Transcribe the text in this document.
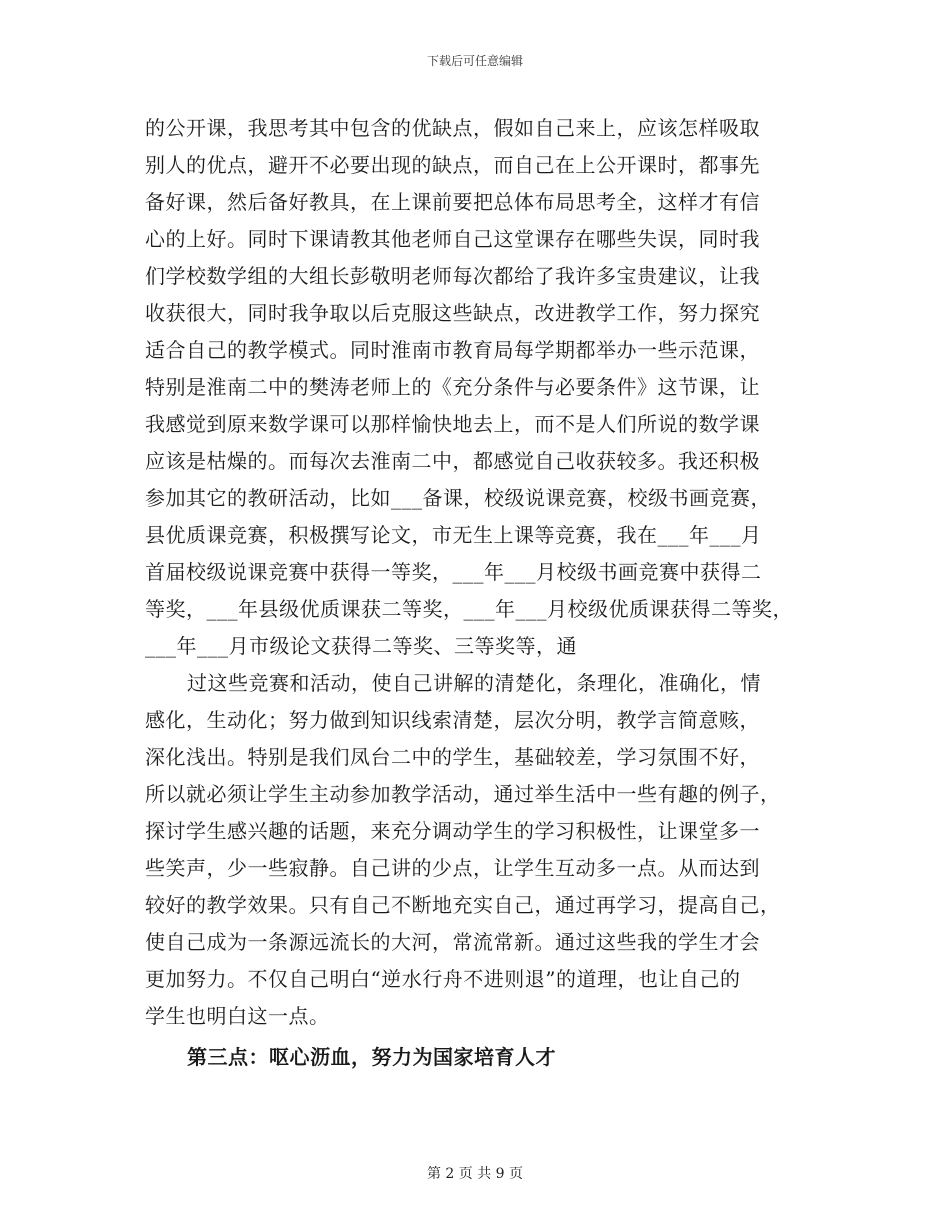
下载后可任意编辑
的公开课，我思考其中包含的优缺点，假如自己来上，应该怎样吸取
别人的优点，避开不必要出现的缺点，而自己在上公开课时，都事先
备好课，然后备好教具，在上课前要把总体布局思考全，这样才有信
心的上好。同时下课请教其他老师自己这堂课存在哪些失误，同时我
们学校数学组的大组长彭敬明老师每次都给了我许多宝贵建议，让我
收获很大，同时我争取以后克服这些缺点，改进教学工作，努力探究
适合自己的教学模式。同时淮南市教育局每学期都举办一些示范课，
特别是淮南二中的樊涛老师上的《充分条件与必要条件》这节课，让
我感觉到原来数学课可以那样愉快地去上，而不是人们所说的数学课
应该是枯燥的。而每次去淮南二中，都感觉自己收获较多。我还积极
参加其它的教研活动，比如___备课，校级说课竞赛，校级书画竞赛，
县优质课竞赛，积极撰写论文，市无生上课等竞赛，我在___年___月
首届校级说课竞赛中获得一等奖，___年___月校级书画竞赛中获得二
等奖，___年县级优质课获二等奖，___年___月校级优质课获得二等奖，
___年___月市级论文获得二等奖、三等奖等，通
过这些竞赛和活动，使自己讲解的清楚化，条理化，准确化，情
感化，生动化；努力做到知识线索清楚，层次分明，教学言简意赅，
深化浅出。特别是我们凤台二中的学生，基础较差，学习氛围不好，
所以就必须让学生主动参加教学活动，通过举生活中一些有趣的例子，
探讨学生感兴趣的话题，来充分调动学生的学习积极性，让课堂多一
些笑声，少一些寂静。自己讲的少点，让学生互动多一点。从而达到
较好的教学效果。只有自己不断地充实自己，通过再学习，提高自己，
使自己成为一条源远流长的大河，常流常新。通过这些我的学生才会
更加努力。不仅自己明白“逆水行舟不进则退”的道理，也让自己的
学生也明白这一点。
第三点：呕心沥血，努力为国家培育人才
第 2 页 共 9 页
